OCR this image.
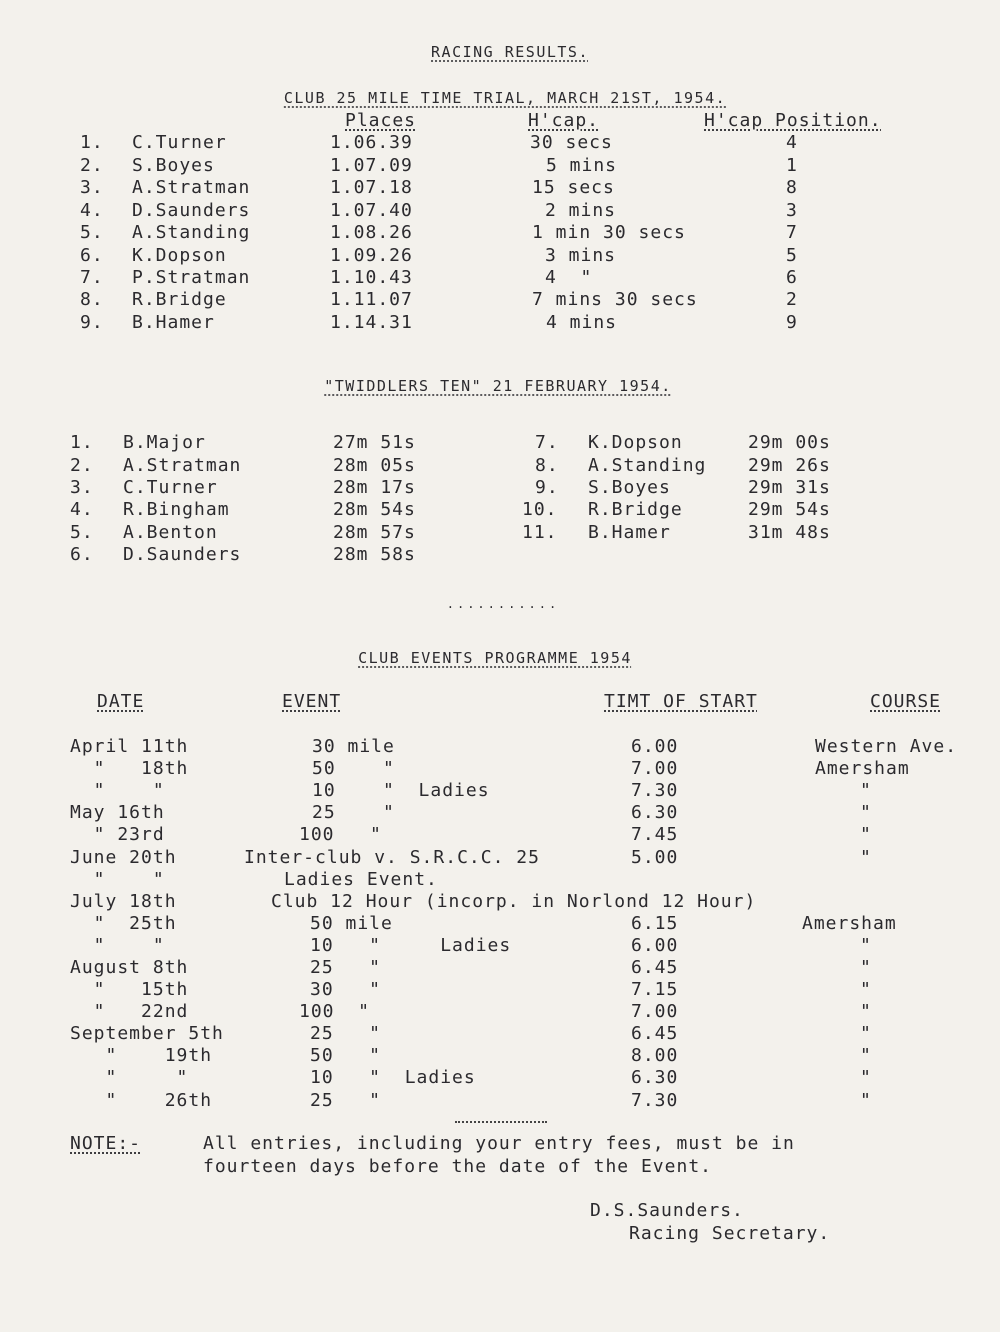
RACING RESULTS.
CLUB 25 MILE TIME TRIAL, MARCH 21ST, 1954.
Places	H'cap.	H'cap Position.
1. C.Turner	1.06.39	30 secs	4
2. S.Boyes	1.07.09	5 mins	1
3. A.Stratman	1.07.18	15 secs	8
4. D.Saunders	1.07.40	2 mins	3
5. A.Standing	1.08.26	1 min 30 secs	7
6. K.Dopson	1.09.26	3 mins	5
7. P.Stratman	1.10.43	4  "	6
8. R.Bridge	1.11.07	7 mins 30 secs	2
9. B.Hamer	1.14.31	4 mins	9
"TWIDDLERS TEN" 21 FEBRUARY 1954.
1. B.Major	27m 51s
2. A.Stratman	28m 05s
3. C.Turner	28m 17s
4. R.Bingham	28m 54s
5. A.Benton	28m 57s
6. D.Saunders	28m 58s
7. K.Dopson	29m 00s
8. A.Standing 29m 26s
9. S.Boyes	29m 31s
10. R.Bridge	29m 54s
11. B.Hamer	31m 48s
...........
CLUB EVENTS PROGRAMME 1954
DATE	EVENT	TIMT OF START	COURSE
April 11th	30 mile	6.00	Western Ave.
"   18th	50    "	7.00	Amersham
"    "	10    "  Ladies	7.30	"
May 16th	25    "	6.30	"
" 23rd	100   "	7.45	"
June 20th	Inter-club v. S.R.C.C. 25	5.00	"
"    "	Ladies Event.
July 18th	Club 12 Hour (incorp. in Norlond 12 Hour)
"  25th	50 mile	6.15	Amersham
"    "	10   "     Ladies	6.00	"
August 8th	25   "	6.45	"
"   15th	30   "	7.15	"
"   22nd	100  "	7.00	"
September 5th	25   "	6.45	"
"    19th	50   "	8.00	"
"     "	10   "  Ladies	6.30	"
"    26th	25   "	7.30	"
NOTE:-	All entries, including your entry fees, must be in
fourteen days before the date of the Event.
D.S.Saunders.
Racing Secretary.
